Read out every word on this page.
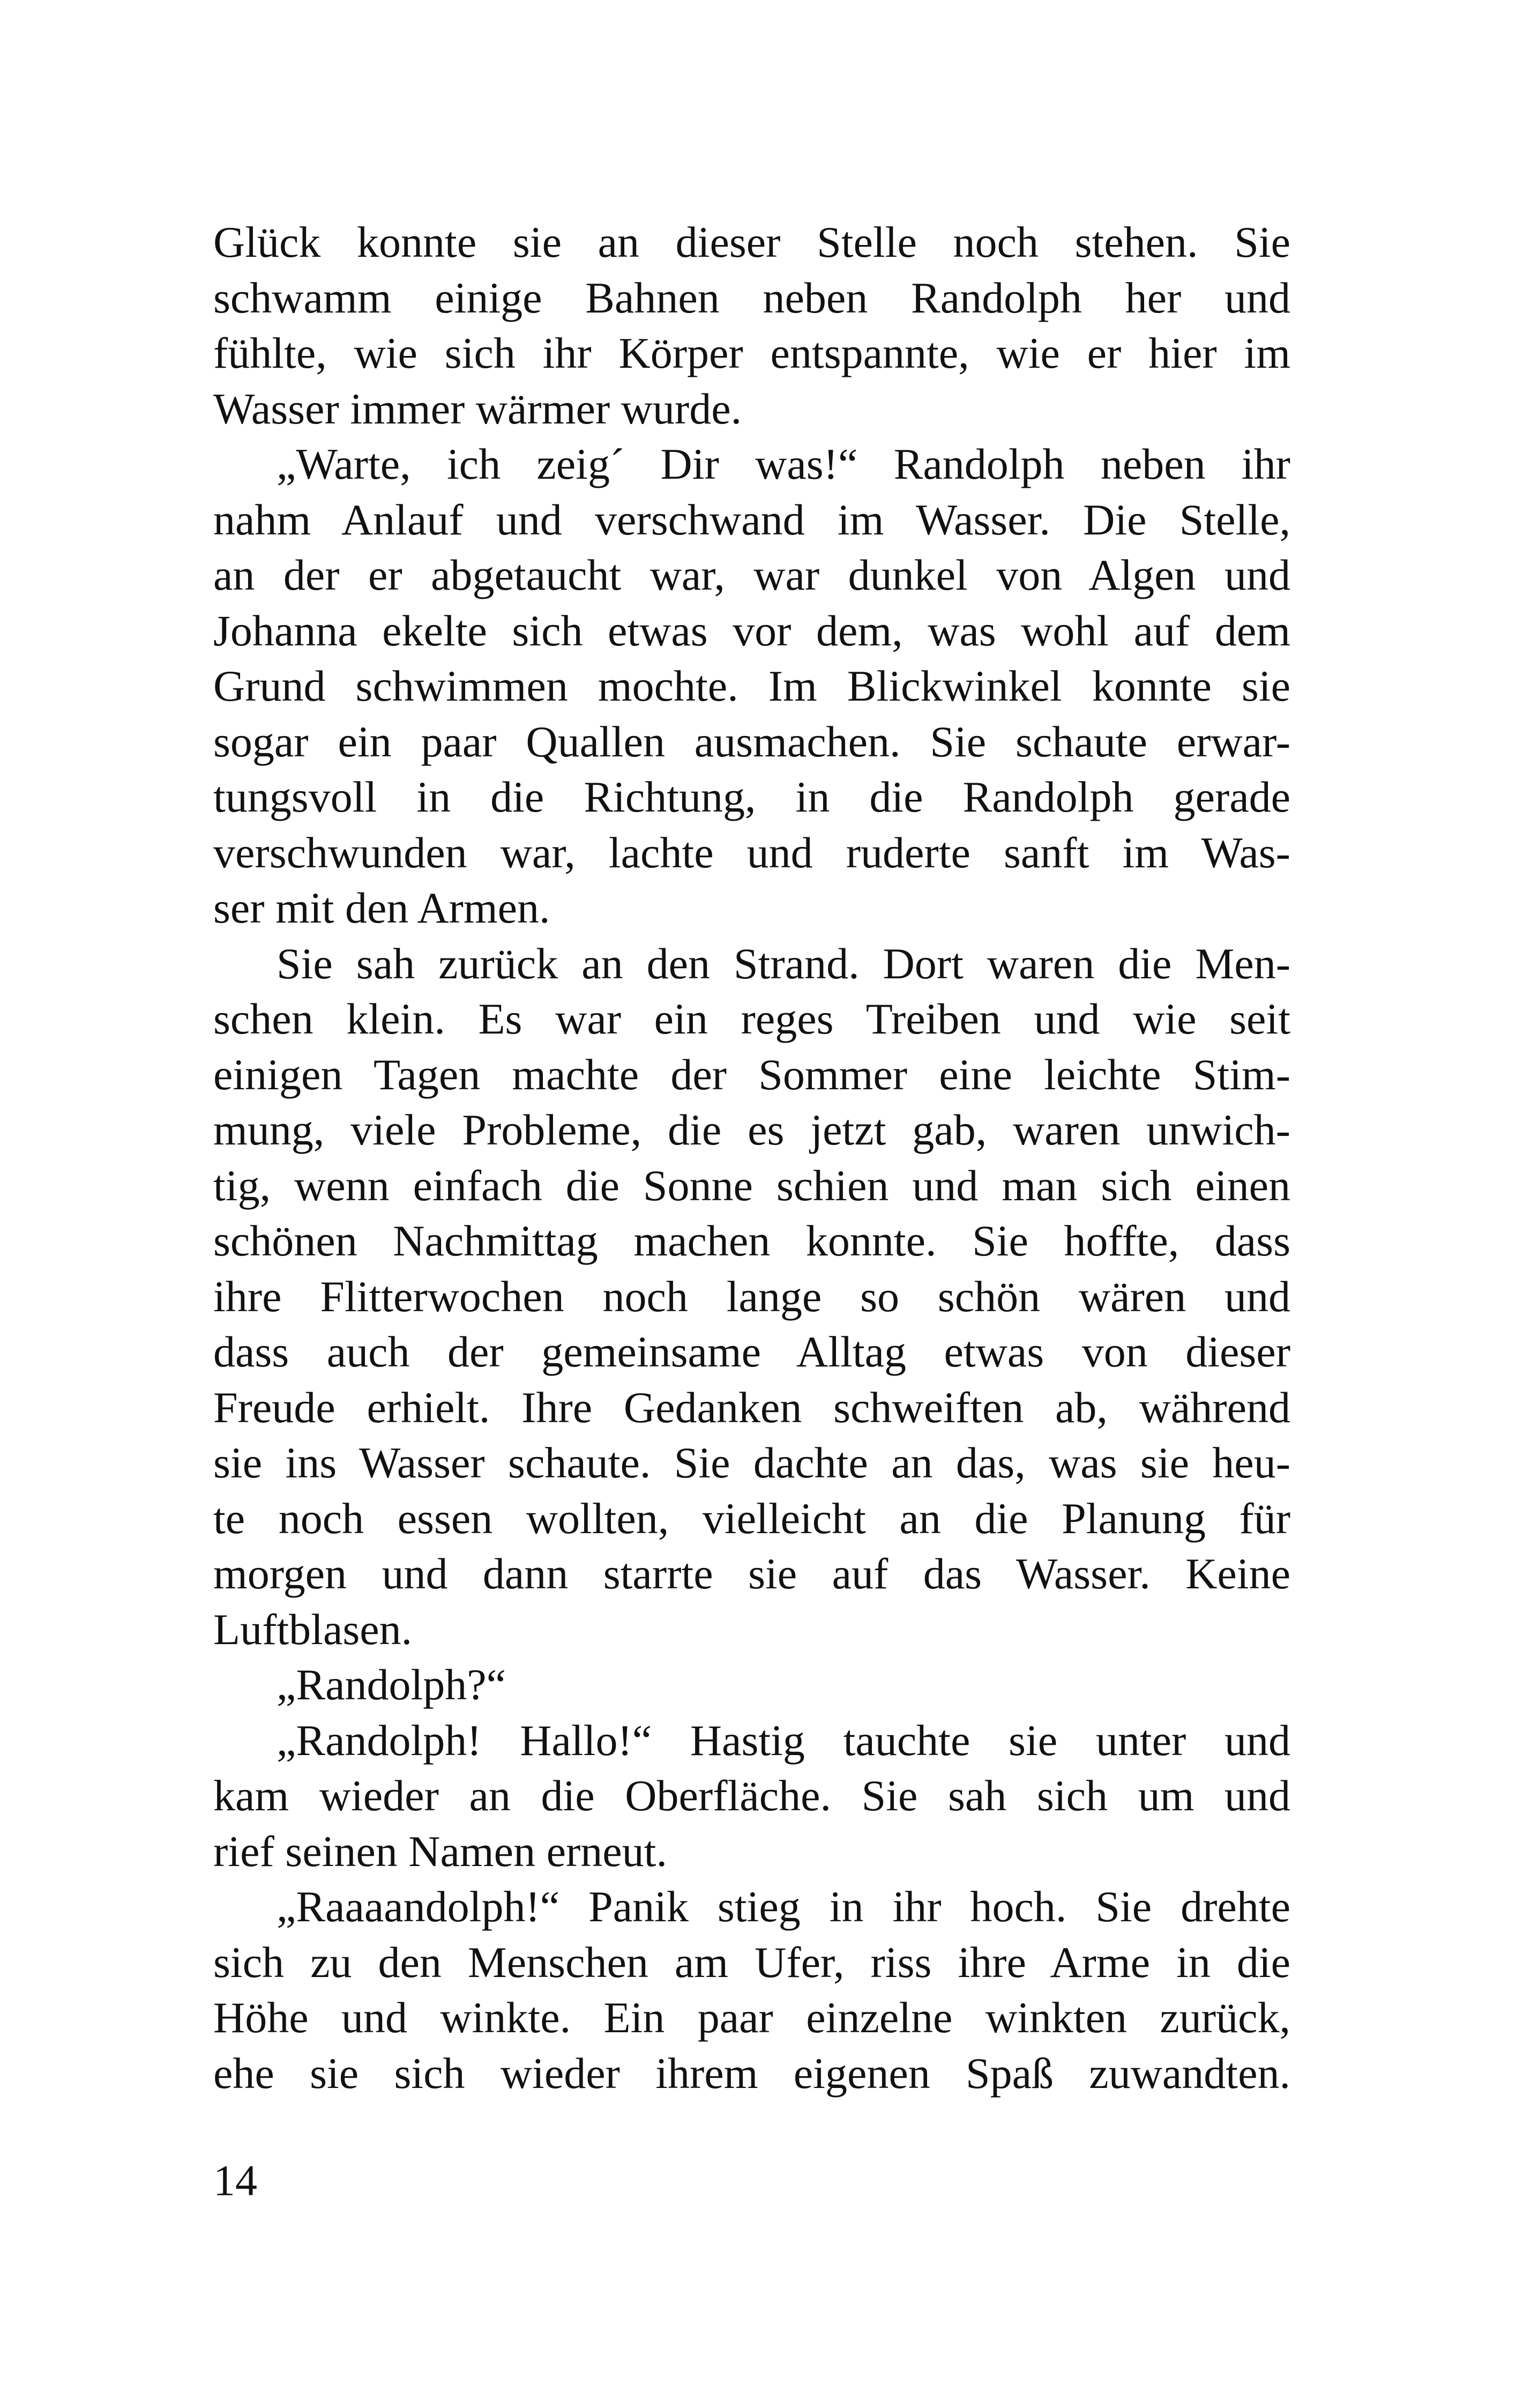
Glück konnte sie an dieser Stelle noch stehen. Sie
schwamm einige Bahnen neben Randolph her und
fühlte, wie sich ihr Körper entspannte, wie er hier im
Wasser immer wärmer wurde.
„Warte, ich zeig´ Dir was!“ Randolph neben ihr
nahm Anlauf und verschwand im Wasser. Die Stelle,
an der er abgetaucht war, war dunkel von Algen und
Johanna ekelte sich etwas vor dem, was wohl auf dem
Grund schwimmen mochte. Im Blickwinkel konnte sie
sogar ein paar Quallen ausmachen. Sie schaute erwar-
tungsvoll in die Richtung, in die Randolph gerade
verschwunden war, lachte und ruderte sanft im Was-
ser mit den Armen.
Sie sah zurück an den Strand. Dort waren die Men-
schen klein. Es war ein reges Treiben und wie seit
einigen Tagen machte der Sommer eine leichte Stim-
mung, viele Probleme, die es jetzt gab, waren unwich-
tig, wenn einfach die Sonne schien und man sich einen
schönen Nachmittag machen konnte. Sie hoffte, dass
ihre Flitterwochen noch lange so schön wären und
dass auch der gemeinsame Alltag etwas von dieser
Freude erhielt. Ihre Gedanken schweiften ab, während
sie ins Wasser schaute. Sie dachte an das, was sie heu-
te noch essen wollten, vielleicht an die Planung für
morgen und dann starrte sie auf das Wasser. Keine
Luftblasen.
„Randolph?“
„Randolph! Hallo!“ Hastig tauchte sie unter und
kam wieder an die Oberfläche. Sie sah sich um und
rief seinen Namen erneut.
„Raaaandolph!“ Panik stieg in ihr hoch. Sie drehte
sich zu den Menschen am Ufer, riss ihre Arme in die
Höhe und winkte. Ein paar einzelne winkten zurück,
ehe sie sich wieder ihrem eigenen Spaß zuwandten.
14
